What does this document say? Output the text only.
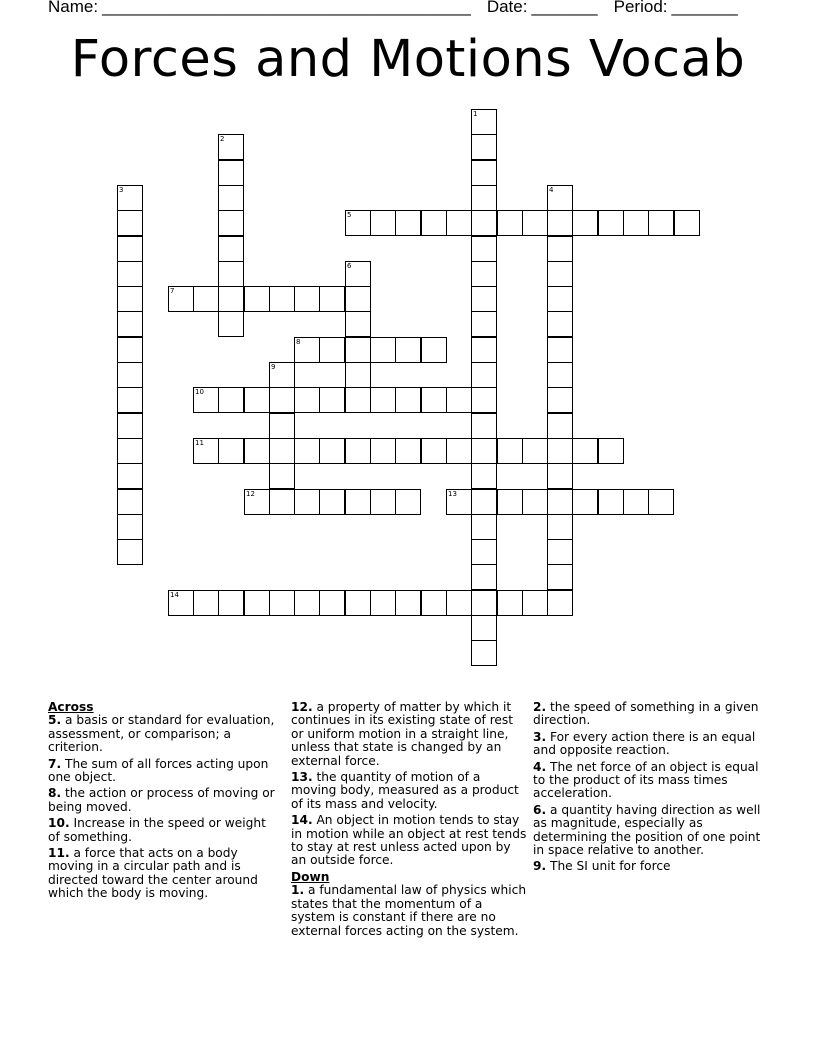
Name: _______________________________________ Date: _______ Period: _______
Forces and Motions Vocab
1
2
3	4
5
6
7
8
9
10
11
12	13
14
Across
5. a basis or standard for evaluation, assessment, or comparison; a criterion.
7. The sum of all forces acting upon one object.
8. the action or process of moving or being moved.
10. Increase in the speed or weight of something.
11. a force that acts on a body moving in a circular path and is directed toward the center around which the body is moving.
12. a property of matter by which it continues in its existing state of rest or uniform motion in a straight line, unless that state is changed by an external force.
13. the quantity of motion of a moving body, measured as a product of its mass and velocity.
14. An object in motion tends to stay in motion while an object at rest tends to stay at rest unless acted upon by an outside force.
Down
1. a fundamental law of physics which states that the momentum of a system is constant if there are no external forces acting on the system.
2. the speed of something in a given direction.
3. For every action there is an equal and opposite reaction.
4. The net force of an object is equal to the product of its mass times acceleration.
6. a quantity having direction as well as magnitude, especially as determining the position of one point in space relative to another.
9. The SI unit for force
